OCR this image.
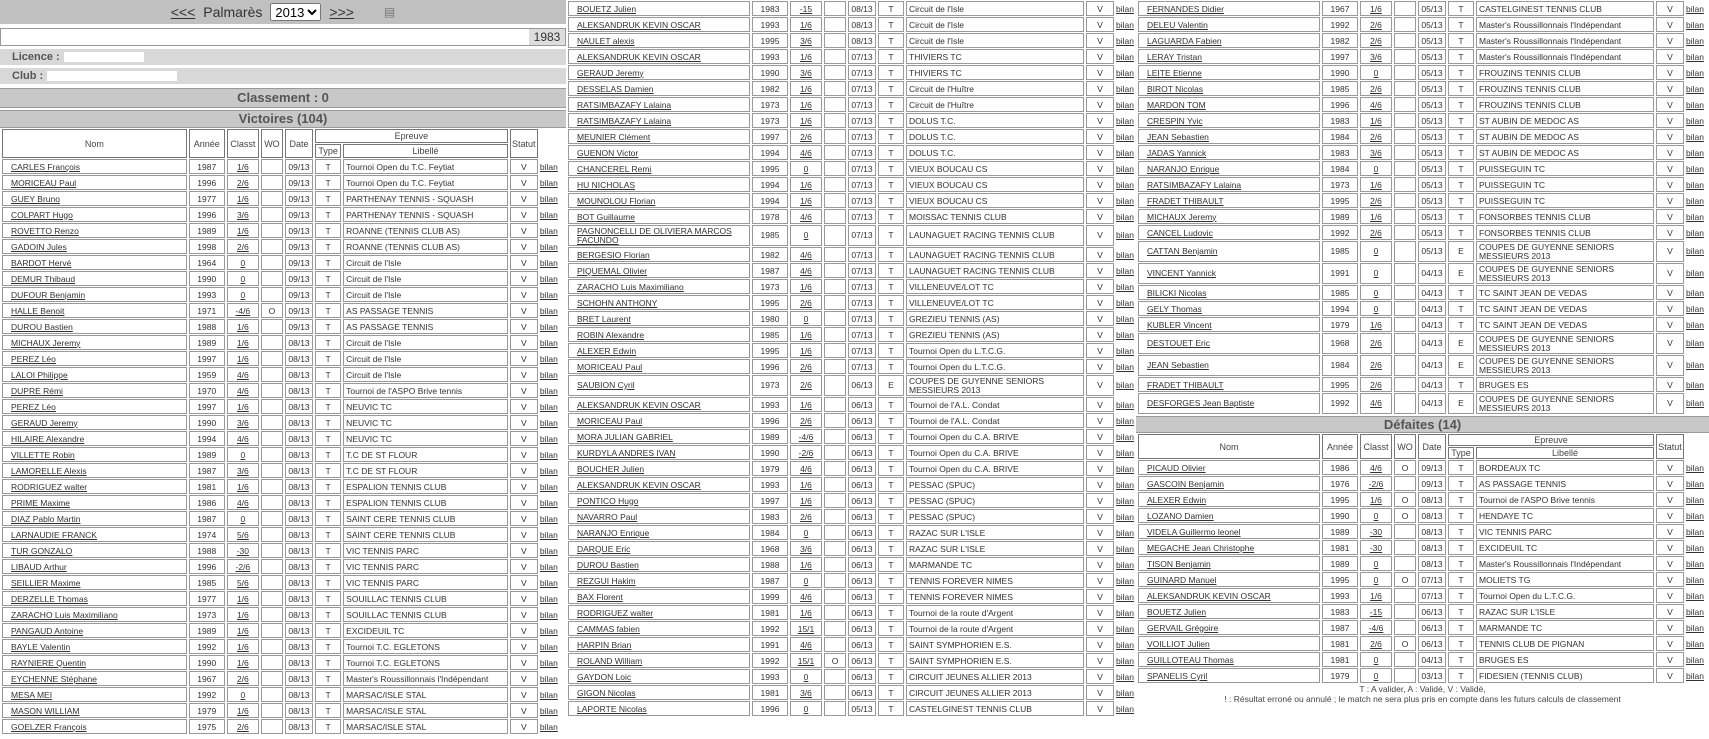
<<< Palmarès
2013	>>>	▤
1983
Licence :
Club :
Classement : 0
Victoires (104)
Nom	Année	Classt	WO	Date	Epreuve		Statut	
					Type	Libellé		
CARLES François	1987	1/6		09/13	T	Tournoi Open du T.C. Feytiat	V	bilan
MORICEAU Paul	1996	2/6		09/13	T	Tournoi Open du T.C. Feytiat	V	bilan
GUEY Bruno	1977	1/6		09/13	T	PARTHENAY TENNIS - SQUASH	V	bilan
COLPART Hugo	1996	3/6		09/13	T	PARTHENAY TENNIS - SQUASH	V	bilan
ROVETTO Renzo	1989	1/6		09/13	T	ROANNE (TENNIS CLUB AS)	V	bilan
GADOIN Jules	1998	2/6		09/13	T	ROANNE (TENNIS CLUB AS)	V	bilan
BARDOT Hervé	1964	0		09/13	T	Circuit de l'Isle	V	bilan
DEMUR Thibaud	1990	0		09/13	T	Circuit de l'Isle	V	bilan
DUFOUR Benjamin	1993	0		09/13	T	Circuit de l'Isle	V	bilan
HALLE Benoit	1971	-4/6	O	09/13	T	AS PASSAGE TENNIS	V	bilan
DUROU Bastien	1988	1/6		09/13	T	AS PASSAGE TENNIS	V	bilan
MICHAUX Jeremy	1989	1/6		08/13	T	Circuit de l'Isle	V	bilan
PEREZ Léo	1997	1/6		08/13	T	Circuit de l'Isle	V	bilan
LALOI Philippe	1959	4/6		08/13	T	Circuit de l'Isle	V	bilan
DUPRE Rémi	1970	4/6		08/13	T	Tournoi de l'ASPO Brive tennis	V	bilan
PEREZ Léo	1997	1/6		08/13	T	NEUVIC TC	V	bilan
GERAUD Jeremy	1990	3/6		08/13	T	NEUVIC TC	V	bilan
HILAIRE Alexandre	1994	4/6		08/13	T	NEUVIC TC	V	bilan
VILLETTE Robin	1989	0		08/13	T	T.C DE ST FLOUR	V	bilan
LAMORELLE Alexis	1987	3/6		08/13	T	T.C DE ST FLOUR	V	bilan
RODRIGUEZ walter	1981	1/6		08/13	T	ESPALION TENNIS CLUB	V	bilan
PRIME Maxime	1986	4/6		08/13	T	ESPALION TENNIS CLUB	V	bilan
DIAZ Pablo Martin	1987	0		08/13	T	SAINT CERE TENNIS CLUB	V	bilan
LARNAUDIE FRANCK	1974	5/6		08/13	T	SAINT CERE TENNIS CLUB	V	bilan
TUR GONZALO	1988	-30		08/13	T	VIC TENNIS PARC	V	bilan
LIBAUD Arthur	1996	-2/6		08/13	T	VIC TENNIS PARC	V	bilan
SEILLIER Maxime	1985	5/6		08/13	T	VIC TENNIS PARC	V	bilan
DERZELLE Thomas	1977	1/6		08/13	T	SOUILLAC TENNIS CLUB	V	bilan
ZARACHO Luis Maximiliano	1973	1/6		08/13	T	SOUILLAC TENNIS CLUB	V	bilan
PANGAUD Antoine	1989	1/6		08/13	T	EXCIDEUIL TC	V	bilan
BAYLE Valentin	1992	1/6		08/13	T	Tournoi T.C. EGLETONS	V	bilan
RAYNIERE Quentin	1990	1/6		08/13	T	Tournoi T.C. EGLETONS	V	bilan
EYCHENNE Stéphane	1967	2/6		08/13	T	Master's Roussillonnais l'Indépendant	V	bilan
MESA MEI	1992	0		08/13	T	MARSAC/ISLE STAL	V	bilan
MASON WILLIAM	1979	1/6		08/13	T	MARSAC/ISLE STAL	V	bilan
GOELZER François	1975	2/6		08/13	T	MARSAC/ISLE STAL	V	bilan
BOUETZ Julien	1983	-15		08/13	T	Circuit de l'Isle	V	bilan
ALEKSANDRUK KEVIN OSCAR	1993	1/6		08/13	T	Circuit de l'Isle	V	bilan
NAULET alexis	1995	3/6		08/13	T	Circuit de l'Isle	V	bilan
ALEKSANDRUK KEVIN OSCAR	1993	1/6		07/13	T	THIVIERS TC	V	bilan
GERAUD Jeremy	1990	3/6		07/13	T	THIVIERS TC	V	bilan
DESSELAS Damien	1982	1/6		07/13	T	Circuit de l'Huître	V	bilan
RATSIMBAZAFY Lalaina	1973	1/6		07/13	T	Circuit de l'Huître	V	bilan
RATSIMBAZAFY Lalaina	1973	1/6		07/13	T	DOLUS T.C.	V	bilan
MEUNIER Clément	1997	2/6		07/13	T	DOLUS T.C.	V	bilan
GUENON Victor	1994	4/6		07/13	T	DOLUS T.C.	V	bilan
CHANCEREL Remi	1995	0		07/13	T	VIEUX BOUCAU CS	V	bilan
HU NICHOLAS	1994	1/6		07/13	T	VIEUX BOUCAU CS	V	bilan
MOUNOLOU Florian	1994	1/6		07/13	T	VIEUX BOUCAU CS	V	bilan
BOT Guillaume	1978	4/6		07/13	T	MOISSAC TENNIS CLUB	V	bilan
PAGNONCELLI DE OLIVIERA MARCOS FACUNDO	1985	0		07/13	T	LAUNAGUET RACING TENNIS CLUB	V	bilan
BERGESIO Florian	1982	4/6		07/13	T	LAUNAGUET RACING TENNIS CLUB	V	bilan
PIQUEMAL Olivier	1987	4/6		07/13	T	LAUNAGUET RACING TENNIS CLUB	V	bilan
ZARACHO Luis Maximiliano	1973	1/6		07/13	T	VILLENEUVE/LOT TC	V	bilan
SCHOHN ANTHONY	1995	2/6		07/13	T	VILLENEUVE/LOT TC	V	bilan
BRET Laurent	1980	0		07/13	T	GREZIEU TENNIS (AS)	V	bilan
ROBIN Alexandre	1985	1/6		07/13	T	GREZIEU TENNIS (AS)	V	bilan
ALEXER Edwin	1995	1/6		07/13	T	Tournoi Open du L.T.C.G.	V	bilan
MORICEAU Paul	1996	2/6		07/13	T	Tournoi Open du L.T.C.G.	V	bilan
SAUBION Cyril	1973	2/6		06/13	E	COUPES DE GUYENNE SENIORS MESSIEURS 2013	V	bilan
ALEKSANDRUK KEVIN OSCAR	1993	1/6		06/13	T	Tournoi de l'A.L. Condat	V	bilan
MORICEAU Paul	1996	2/6		06/13	T	Tournoi de l'A.L. Condat	V	bilan
MORA JULIAN GABRIEL	1989	-4/6		06/13	T	Tournoi Open du C.A. BRIVE	V	bilan
KURDYLA ANDRES IVAN	1990	-2/6		06/13	T	Tournoi Open du C.A. BRIVE	V	bilan
BOUCHER Julien	1979	4/6		06/13	T	Tournoi Open du C.A. BRIVE	V	bilan
ALEKSANDRUK KEVIN OSCAR	1993	1/6		06/13	T	PESSAC (SPUC)	V	bilan
PONTICO Hugo	1997	1/6		06/13	T	PESSAC (SPUC)	V	bilan
NAVARRO Paul	1983	2/6		06/13	T	PESSAC (SPUC)	V	bilan
NARANJO Enrique	1984	0		06/13	T	RAZAC SUR L'ISLE	V	bilan
DARQUE Eric	1968	3/6		06/13	T	RAZAC SUR L'ISLE	V	bilan
DUROU Bastien	1988	1/6		06/13	T	MARMANDE TC	V	bilan
REZGUI Hakim	1987	0		06/13	T	TENNIS FOREVER NIMES	V	bilan
BAX Florent	1999	4/6		06/13	T	TENNIS FOREVER NIMES	V	bilan
RODRIGUEZ walter	1981	1/6		06/13	T	Tournoi de la route d'Argent	V	bilan
CAMMAS fabien	1992	15/1		06/13	T	Tournoi de la route d'Argent	V	bilan
HARPIN Brian	1991	4/6		06/13	T	SAINT SYMPHORIEN E.S.	V	bilan
ROLAND William	1992	15/1	O	06/13	T	SAINT SYMPHORIEN E.S.	V	bilan
GAYDON Loic	1993	0		06/13	T	CIRCUIT JEUNES ALLIER 2013	V	bilan
GIGON Nicolas	1981	3/6		06/13	T	CIRCUIT JEUNES ALLIER 2013	V	bilan
LAPORTE Nicolas	1996	0		05/13	T	CASTELGINEST TENNIS CLUB	V	bilan
FERNANDES Didier	1967	1/6		05/13	T	CASTELGINEST TENNIS CLUB	V	bilan
DELEU Valentin	1992	2/6		05/13	T	Master's Roussillonnais l'Indépendant	V	bilan
LAGUARDA Fabien	1982	2/6		05/13	T	Master's Roussillonnais l'Indépendant	V	bilan
LERAY Tristan	1997	3/6		05/13	T	Master's Roussillonnais l'Indépendant	V	bilan
LEITE Etienne	1990	0		05/13	T	FROUZINS TENNIS CLUB	V	bilan
BIROT Nicolas	1985	2/6		05/13	T	FROUZINS TENNIS CLUB	V	bilan
MARDON TOM	1996	4/6		05/13	T	FROUZINS TENNIS CLUB	V	bilan
CRESPIN Yvic	1983	1/6		05/13	T	ST AUBIN DE MEDOC AS	V	bilan
JEAN Sebastien	1984	2/6		05/13	T	ST AUBIN DE MEDOC AS	V	bilan
JADAS Yannick	1983	3/6		05/13	T	ST AUBIN DE MEDOC AS	V	bilan
NARANJO Enrique	1984	0		05/13	T	PUISSEGUIN TC	V	bilan
RATSIMBAZAFY Lalaina	1973	1/6		05/13	T	PUISSEGUIN TC	V	bilan
FRADET THIBAULT	1995	2/6		05/13	T	PUISSEGUIN TC	V	bilan
MICHAUX Jeremy	1989	1/6		05/13	T	FONSORBES TENNIS CLUB	V	bilan
CANCEL Ludovic	1992	2/6		05/13	T	FONSORBES TENNIS CLUB	V	bilan
CATTAN Benjamin	1985	0		05/13	E	COUPES DE GUYENNE SENIORS MESSIEURS 2013	V	bilan
VINCENT Yannick	1991	0		04/13	E	COUPES DE GUYENNE SENIORS MESSIEURS 2013	V	bilan
BILICKI Nicolas	1985	0		04/13	T	TC SAINT JEAN DE VEDAS	V	bilan
GELY Thomas	1994	0		04/13	T	TC SAINT JEAN DE VEDAS	V	bilan
KUBLER Vincent	1979	1/6		04/13	T	TC SAINT JEAN DE VEDAS	V	bilan
DESTOUET Eric	1968	2/6		04/13	E	COUPES DE GUYENNE SENIORS MESSIEURS 2013	V	bilan
JEAN Sebastien	1984	2/6		04/13	E	COUPES DE GUYENNE SENIORS MESSIEURS 2013	V	bilan
FRADET THIBAULT	1995	2/6		04/13	T	BRUGES ES	V	bilan
DESFORGES Jean Baptiste	1992	4/6		04/13	E	COUPES DE GUYENNE SENIORS MESSIEURS 2013	V	bilan
Défaites (14)
Nom	Année	Classt	WO	Date	Epreuve		Statut	
					Type	Libellé		
PICAUD Olivier	1986	4/6	O	09/13	T	BORDEAUX TC	V	bilan
GASCOIN Benjamin	1976	-2/6		09/13	T	AS PASSAGE TENNIS	V	bilan
ALEXER Edwin	1995	1/6	O	08/13	T	Tournoi de l'ASPO Brive tennis	V	bilan
LOZANO Damien	1990	0	O	08/13	T	HENDAYE TC	V	bilan
VIDELA Guillermo leonel	1989	-30		08/13	T	VIC TENNIS PARC	V	bilan
MEGACHE Jean Christophe	1981	-30		08/13	T	EXCIDEUIL TC	V	bilan
TISON Benjamin	1989	0		08/13	T	Master's Roussillonnais l'Indépendant	V	bilan
GUINARD Manuel	1995	0	O	07/13	T	MOLIETS TG	V	bilan
ALEKSANDRUK KEVIN OSCAR	1993	1/6		07/13	T	Tournoi Open du L.T.C.G.	V	bilan
BOUETZ Julien	1983	-15		06/13	T	RAZAC SUR L'ISLE	V	bilan
GERVAIL Grégoire	1987	-4/6		06/13	T	MARMANDE TC	V	bilan
VOILLIOT Julien	1981	2/6	O	06/13	T	TENNIS CLUB DE PIGNAN	V	bilan
GUILLOTEAU Thomas	1981	0		04/13	T	BRUGES ES	V	bilan
SPANELIS Cyril	1979	0		03/13	T	FIDESIEN (TENNIS CLUB)	V	bilan
T : A valider, A : Validé, V : Validé,
! : Résultat erroné ou annulé ; le match ne sera plus pris en compte dans les futurs calculs de classement
